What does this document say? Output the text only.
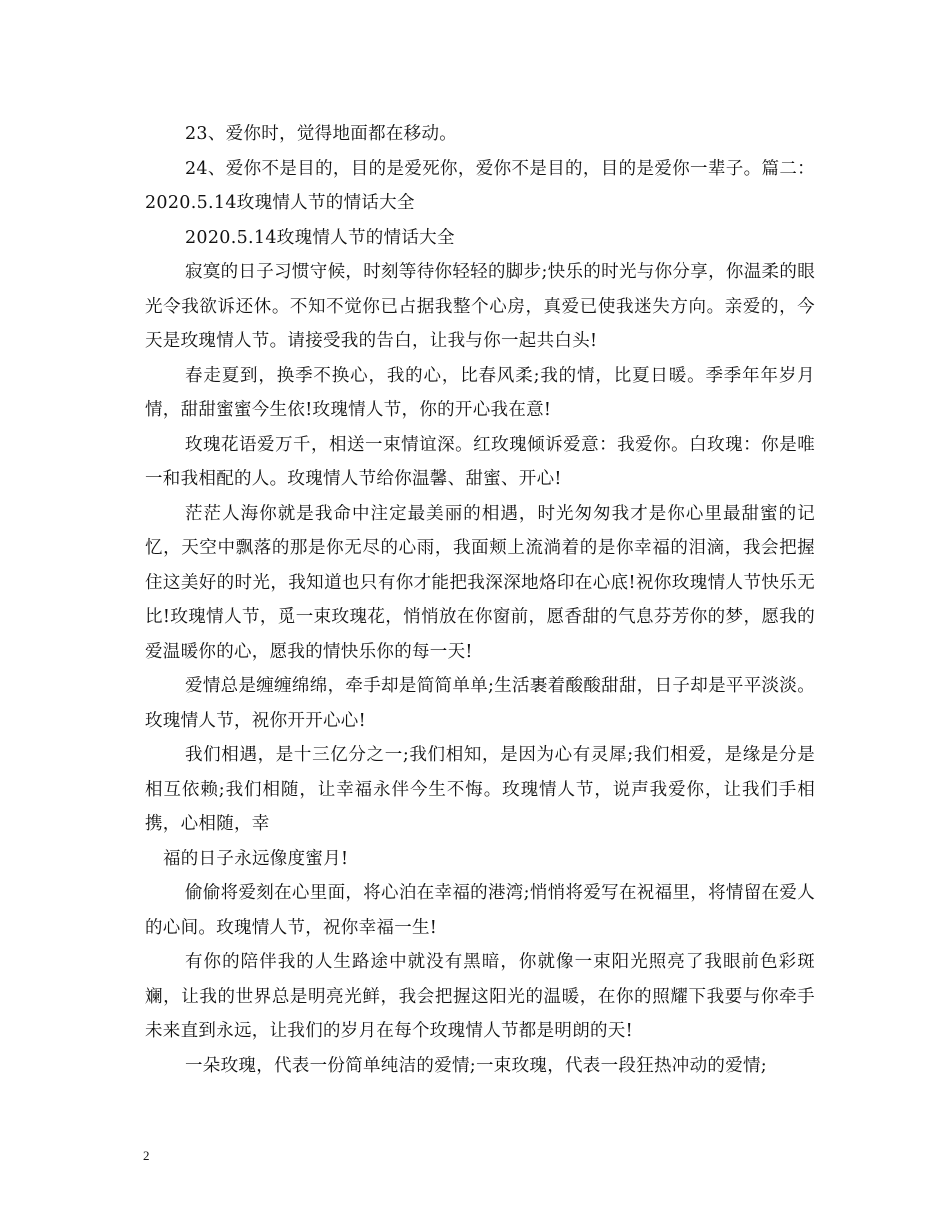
23、爱你时，觉得地面都在移动。

24、爱你不是目的，目的是爱死你，爱你不是目的，目的是爱你一辈子。篇二：2020.5.14玫瑰情人节的情话大全

2020.5.14玫瑰情人节的情话大全

寂寞的日子习惯守候，时刻等待你轻轻的脚步;快乐的时光与你分享，你温柔的眼光令我欲诉还休。不知不觉你已占据我整个心房，真爱已使我迷失方向。亲爱的，今天是玫瑰情人节。请接受我的告白，让我与你一起共白头!

春走夏到，换季不换心，我的心，比春风柔;我的情，比夏日暖。季季年年岁月情，甜甜蜜蜜今生依!玫瑰情人节，你的开心我在意!

玫瑰花语爱万千，相送一束情谊深。红玫瑰倾诉爱意：我爱你。白玫瑰：你是唯一和我相配的人。玫瑰情人节给你温馨、甜蜜、开心!

茫茫人海你就是我命中注定最美丽的相遇，时光匆匆我才是你心里最甜蜜的记忆，天空中飘落的那是你无尽的心雨，我面颊上流淌着的是你幸福的泪滴，我会把握住这美好的时光，我知道也只有你才能把我深深地烙印在心底!祝你玫瑰情人节快乐无比!玫瑰情人节，觅一束玫瑰花，悄悄放在你窗前，愿香甜的气息芬芳你的梦，愿我的爱温暖你的心，愿我的情快乐你的每一天!

爱情总是缠缠绵绵，牵手却是简简单单;生活裹着酸酸甜甜，日子却是平平淡淡。玫瑰情人节，祝你开开心心!

我们相遇，是十三亿分之一;我们相知，是因为心有灵犀;我们相爱，是缘是分是相互依赖;我们相随，让幸福永伴今生不悔。玫瑰情人节，说声我爱你，让我们手相携，心相随，幸

福的日子永远像度蜜月!

偷偷将爱刻在心里面，将心泊在幸福的港湾;悄悄将爱写在祝福里，将情留在爱人的心间。玫瑰情人节，祝你幸福一生!

有你的陪伴我的人生路途中就没有黑暗，你就像一束阳光照亮了我眼前色彩斑斓，让我的世界总是明亮光鲜，我会把握这阳光的温暖，在你的照耀下我要与你牵手未来直到永远，让我们的岁月在每个玫瑰情人节都是明朗的天!

一朵玫瑰，代表一份简单纯洁的爱情;一束玫瑰，代表一段狂热冲动的爱情;

2
